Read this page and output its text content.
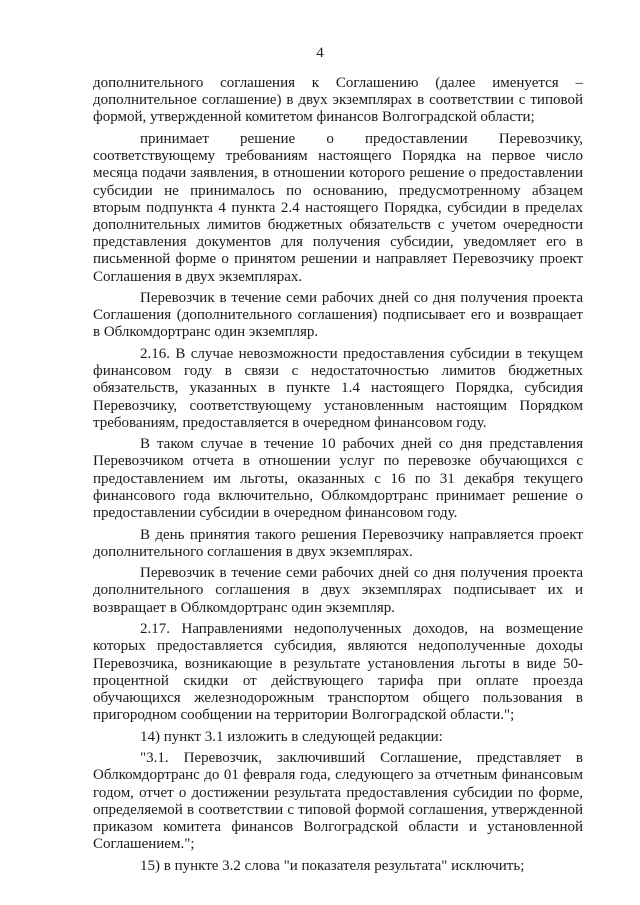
4

дополнительного соглашения к Соглашению (далее именуется – дополнительное соглашение) в двух экземплярах в соответствии с типовой формой, утвержденной комитетом финансов Волгоградской области;

принимает решение о предоставлении Перевозчику, соответствующему требованиям настоящего Порядка на первое число месяца подачи заявления, в отношении которого решение о предоставлении субсидии не принималось по основанию, предусмотренному абзацем вторым подпункта 4 пункта 2.4 настоящего Порядка, субсидии в пределах дополнительных лимитов бюджетных обязательств с учетом очередности представления документов для получения субсидии, уведомляет его в письменной форме о принятом решении и направляет Перевозчику проект Соглашения в двух экземплярах.

Перевозчик в течение семи рабочих дней со дня получения проекта Соглашения (дополнительного соглашения) подписывает его и возвращает в Облкомдортранс один экземпляр.

2.16. В случае невозможности предоставления субсидии в текущем финансовом году в связи с недостаточностью лимитов бюджетных обязательств, указанных в пункте 1.4 настоящего Порядка, субсидия Перевозчику, соответствующему установленным настоящим Порядком требованиям, предоставляется в очередном финансовом году.

В таком случае в течение 10 рабочих дней со дня представления Перевозчиком отчета в отношении услуг по перевозке обучающихся с предоставлением им льготы, оказанных с 16 по 31 декабря текущего финансового года включительно, Облкомдортранс принимает решение о предоставлении субсидии в очередном финансовом году.

В день принятия такого решения Перевозчику направляется проект дополнительного соглашения в двух экземплярах.

Перевозчик в течение семи рабочих дней со дня получения проекта дополнительного соглашения в двух экземплярах подписывает их и возвращает в Облкомдортранс один экземпляр.

2.17. Направлениями недополученных доходов, на возмещение которых предоставляется субсидия, являются недополученные доходы Перевозчика, возникающие в результате установления льготы в виде 50-процентной скидки от действующего тарифа при оплате проезда обучающихся железнодорожным транспортом общего пользования в пригородном сообщении на территории Волгоградской области.";

14) пункт 3.1 изложить в следующей редакции:

"3.1. Перевозчик, заключивший Соглашение, представляет в Облкомдортранс до 01 февраля года, следующего за отчетным финансовым годом, отчет о достижении результата предоставления субсидии по форме, определяемой в соответствии с типовой формой соглашения, утвержденной приказом комитета финансов Волгоградской области и установленной Соглашением.";

15) в пункте 3.2 слова "и показателя результата" исключить;
